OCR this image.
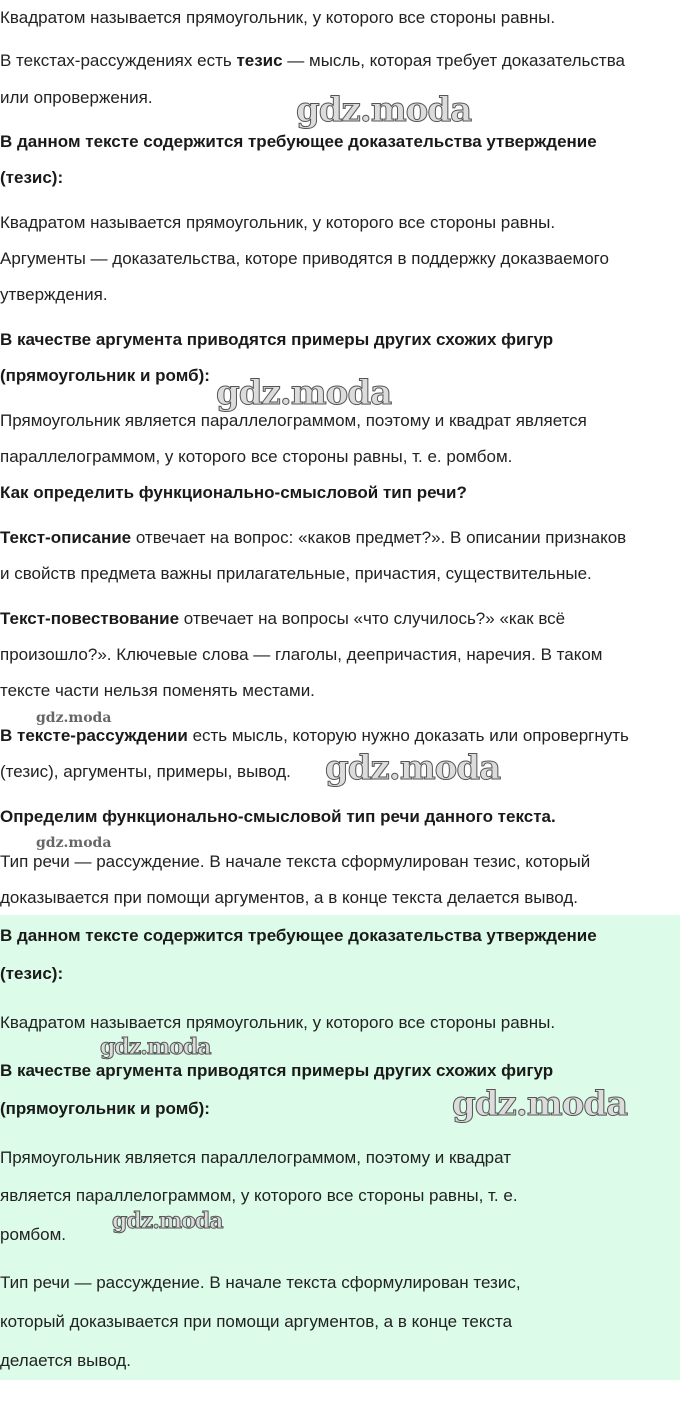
Квадратом называется прямоугольник, у которого все стороны равны.

В текстах-рассуждениях есть тезис — мысль, которая требует доказательства

или опровержения.

В данном тексте содержится требующее доказательства утверждение

(тезис):

Квадратом называется прямоугольник, у которого все стороны равны.

Аргументы — доказательства, которе приводятся в поддержку доказваемого

утверждения.

В качестве аргумента приводятся примеры других схожих фигур

(прямоугольник и ромб):

Прямоугольник является параллелограммом, поэтому и квадрат является

параллелограммом, у которого все стороны равны, т. е. ромбом.

Как определить функционально-смысловой тип речи?

Текст-описание отвечает на вопрос: «каков предмет?». В описании признаков

и свойств предмета важны прилагательные, причастия, существительные.

Текст-повествование отвечает на вопросы «что случилось?» «как всё

произошло?». Ключевые слова — глаголы, деепричастия, наречия. В таком

тексте части нельзя поменять местами.

В тексте-рассуждении есть мысль, которую нужно доказать или опровергнуть

(тезис), аргументы, примеры, вывод.

Определим функционально-смысловой тип речи данного текста.

Тип речи — рассуждение. В начале текста сформулирован тезис, который

доказывается при помощи аргументов, а в конце текста делается вывод.

В данном тексте содержится требующее доказательства утверждение

(тезис):

Квадратом называется прямоугольник, у которого все стороны равны.

В качестве аргумента приводятся примеры других схожих фигур

(прямоугольник и ромб):

Прямоугольник является параллелограммом, поэтому и квадрат

является параллелограммом, у которого все стороны равны, т. е.

ромбом.

Тип речи — рассуждение. В начале текста сформулирован тезис,

который доказывается при помощи аргументов, а в конце текста

делается вывод.

gdz.moda
gdz.moda
gdz.moda
gdz.moda
gdz.moda
gdz.moda
gdz.moda
gdz.moda
